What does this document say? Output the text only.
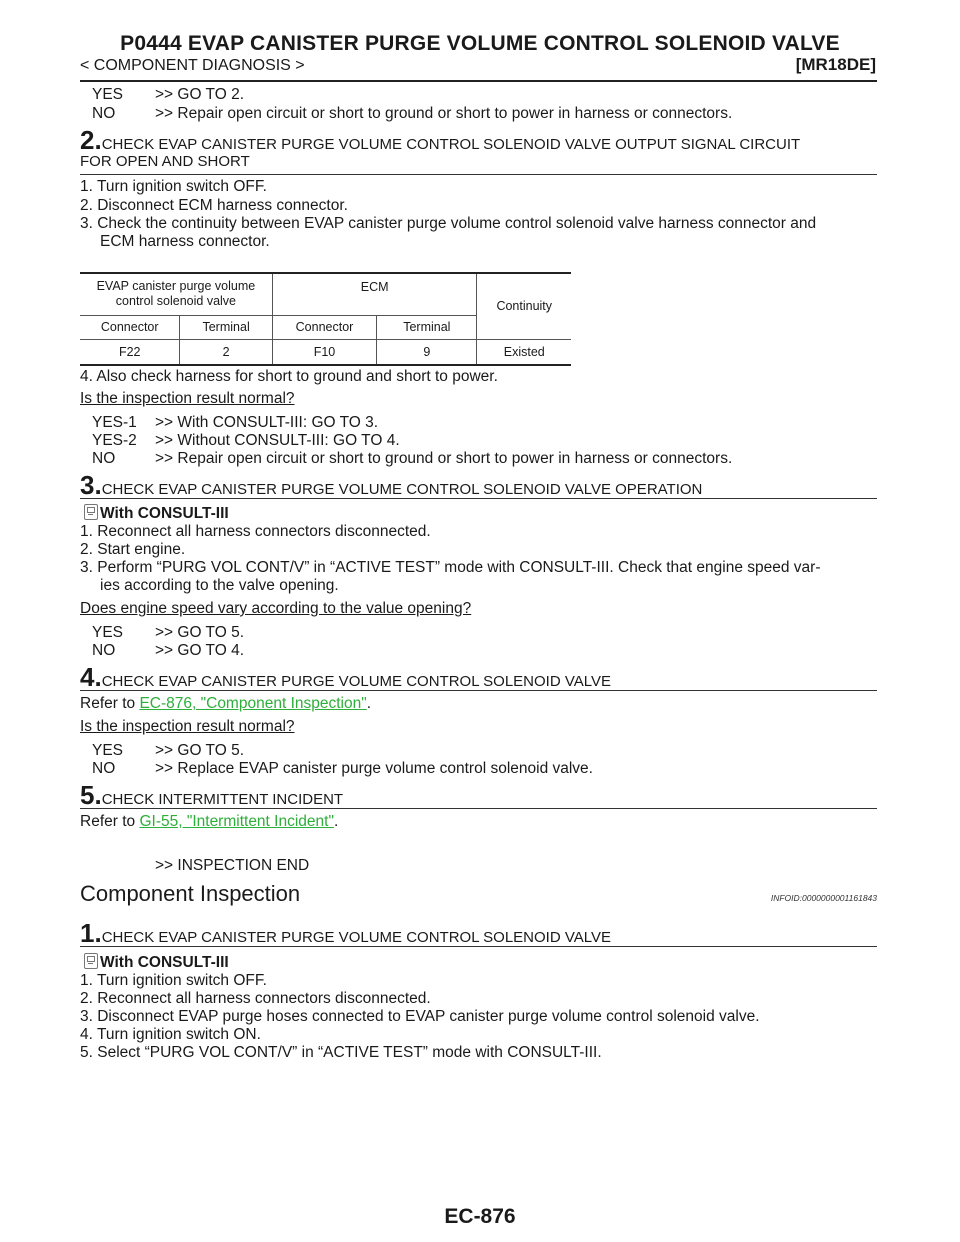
P0444 EVAP CANISTER PURGE VOLUME CONTROL SOLENOID VALVE
< COMPONENT DIAGNOSIS >	[MR18DE]
YES >> GO TO 2.
NO	>> Repair open circuit or short to ground or short to power in harness or connectors.
2.CHECK EVAP CANISTER PURGE VOLUME CONTROL SOLENOID VALVE OUTPUT SIGNAL CIRCUIT
FOR OPEN AND SHORT
1. Turn ignition switch OFF.
2. Disconnect ECM harness connector.
3. Check the continuity between EVAP canister purge volume control solenoid valve harness connector and
ECM harness connector.
EVAP canister purge volume
control solenoid valve		ECM		Continuity
Connector	Terminal	Connector	Terminal	
F22	2	F10	9	Existed
4. Also check harness for short to ground and short to power.
Is the inspection result normal?
YES-1 >> With CONSULT-III: GO TO 3.
YES-2 >> Without CONSULT-III: GO TO 4.
NO	>> Repair open circuit or short to ground or short to power in harness or connectors.
3.CHECK EVAP CANISTER PURGE VOLUME CONTROL SOLENOID VALVE OPERATION
With CONSULT-III
1. Reconnect all harness connectors disconnected.
2. Start engine.
3. Perform “PURG VOL CONT/V” in “ACTIVE TEST” mode with CONSULT-III. Check that engine speed var-
ies according to the valve opening.
Does engine speed vary according to the value opening?
YES >> GO TO 5.
NO	>> GO TO 4.
4.CHECK EVAP CANISTER PURGE VOLUME CONTROL SOLENOID VALVE
Refer to EC-876, "Component Inspection".
Is the inspection result normal?
YES >> GO TO 5.
NO	>> Replace EVAP canister purge volume control solenoid valve.
5.CHECK INTERMITTENT INCIDENT
Refer to GI-55, "Intermittent Incident".
>> INSPECTION END
Component Inspection	INFOID:0000000001161843
1.CHECK EVAP CANISTER PURGE VOLUME CONTROL SOLENOID VALVE
With CONSULT-III
1. Turn ignition switch OFF.
2. Reconnect all harness connectors disconnected.
3. Disconnect EVAP purge hoses connected to EVAP canister purge volume control solenoid valve.
4. Turn ignition switch ON.
5. Select “PURG VOL CONT/V” in “ACTIVE TEST” mode with CONSULT-III.
EC-876
